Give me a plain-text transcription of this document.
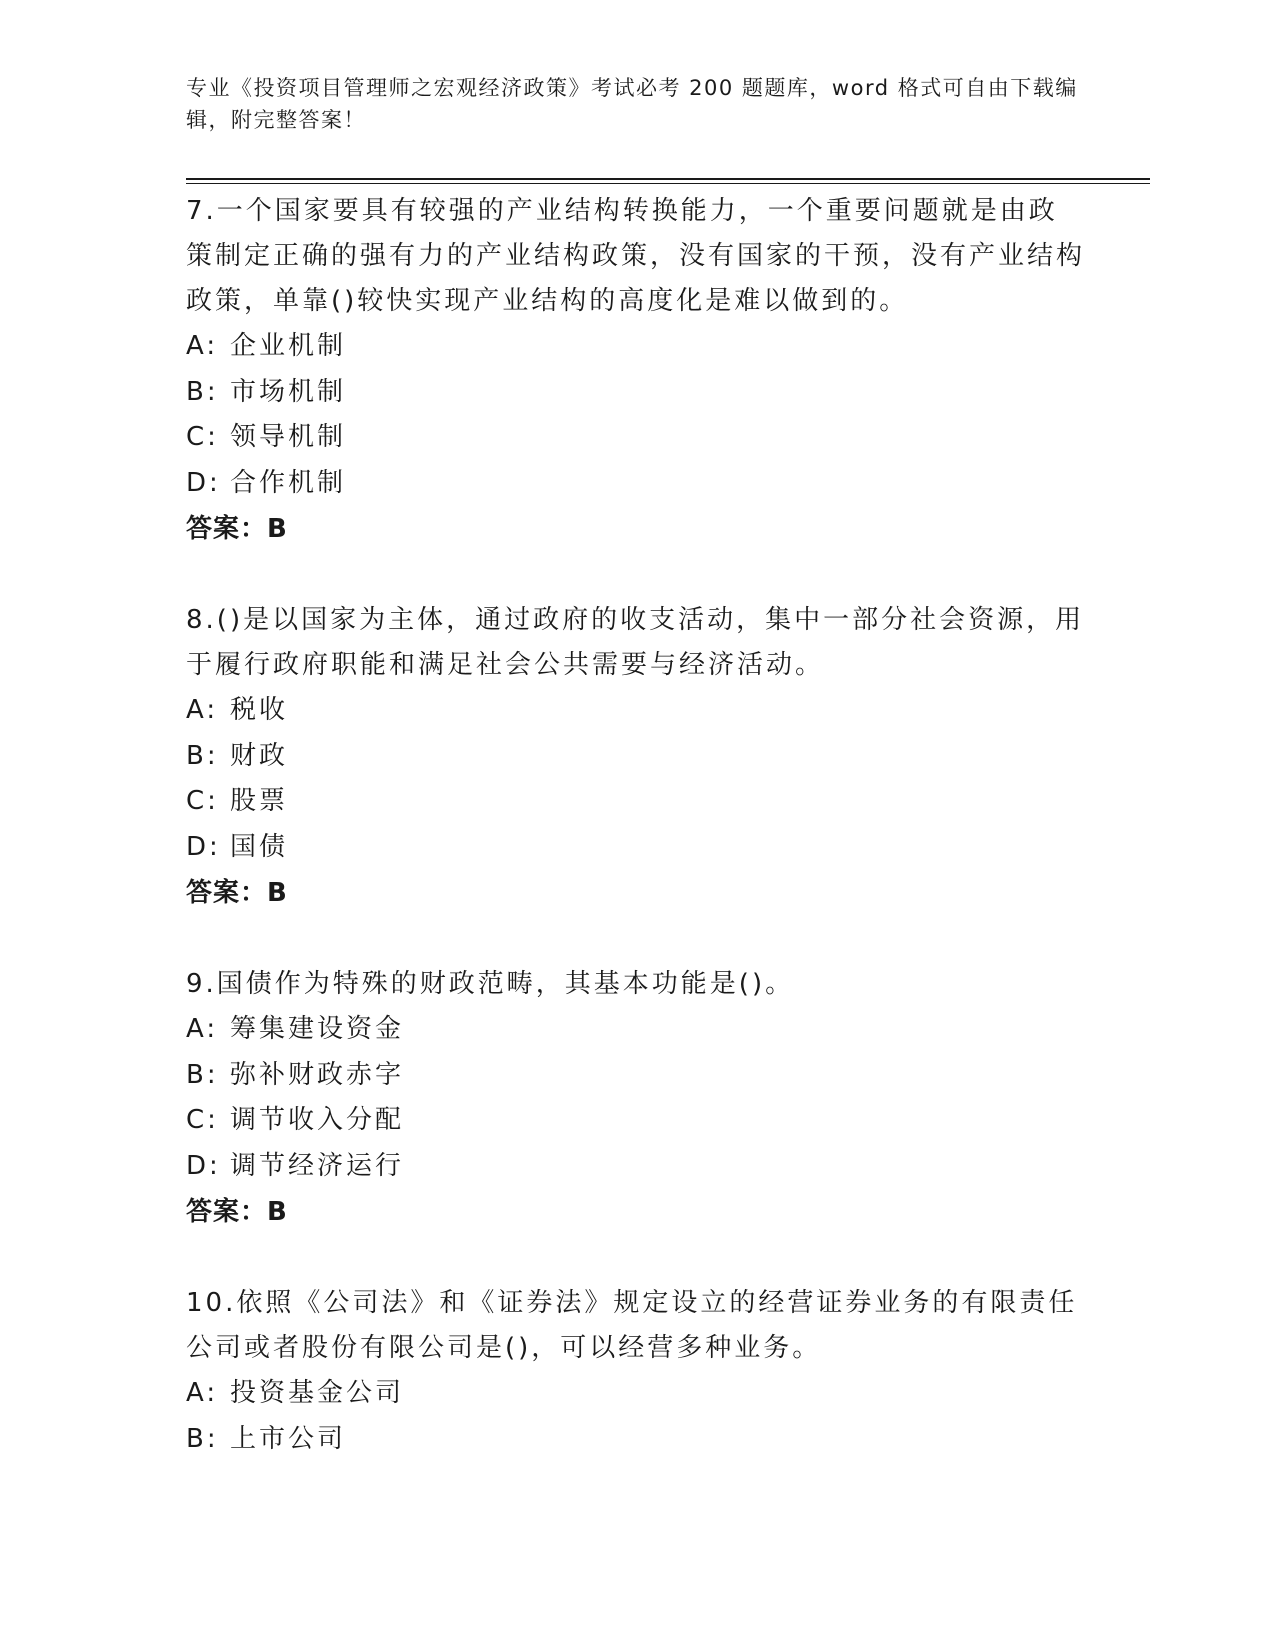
专业《投资项目管理师之宏观经济政策》考试必考 200 题题库，word 格式可自由下载编辑，附完整答案！

7.一个国家要具有较强的产业结构转换能力，一个重要问题就是由政策制定正确的强有力的产业结构政策，没有国家的干预，没有产业结构政策，单靠()较快实现产业结构的高度化是难以做到的。

A: 企业机制

B: 市场机制

C: 领导机制

D: 合作机制

答案：B

8.()是以国家为主体，通过政府的收支活动，集中一部分社会资源，用于履行政府职能和满足社会公共需要与经济活动。

A: 税收

B: 财政

C: 股票

D: 国债

答案：B

9.国债作为特殊的财政范畴，其基本功能是()。

A: 筹集建设资金

B: 弥补财政赤字

C: 调节收入分配

D: 调节经济运行

答案：B

10.依照《公司法》和《证券法》规定设立的经营证券业务的有限责任公司或者股份有限公司是()，可以经营多种业务。

A: 投资基金公司

B: 上市公司
